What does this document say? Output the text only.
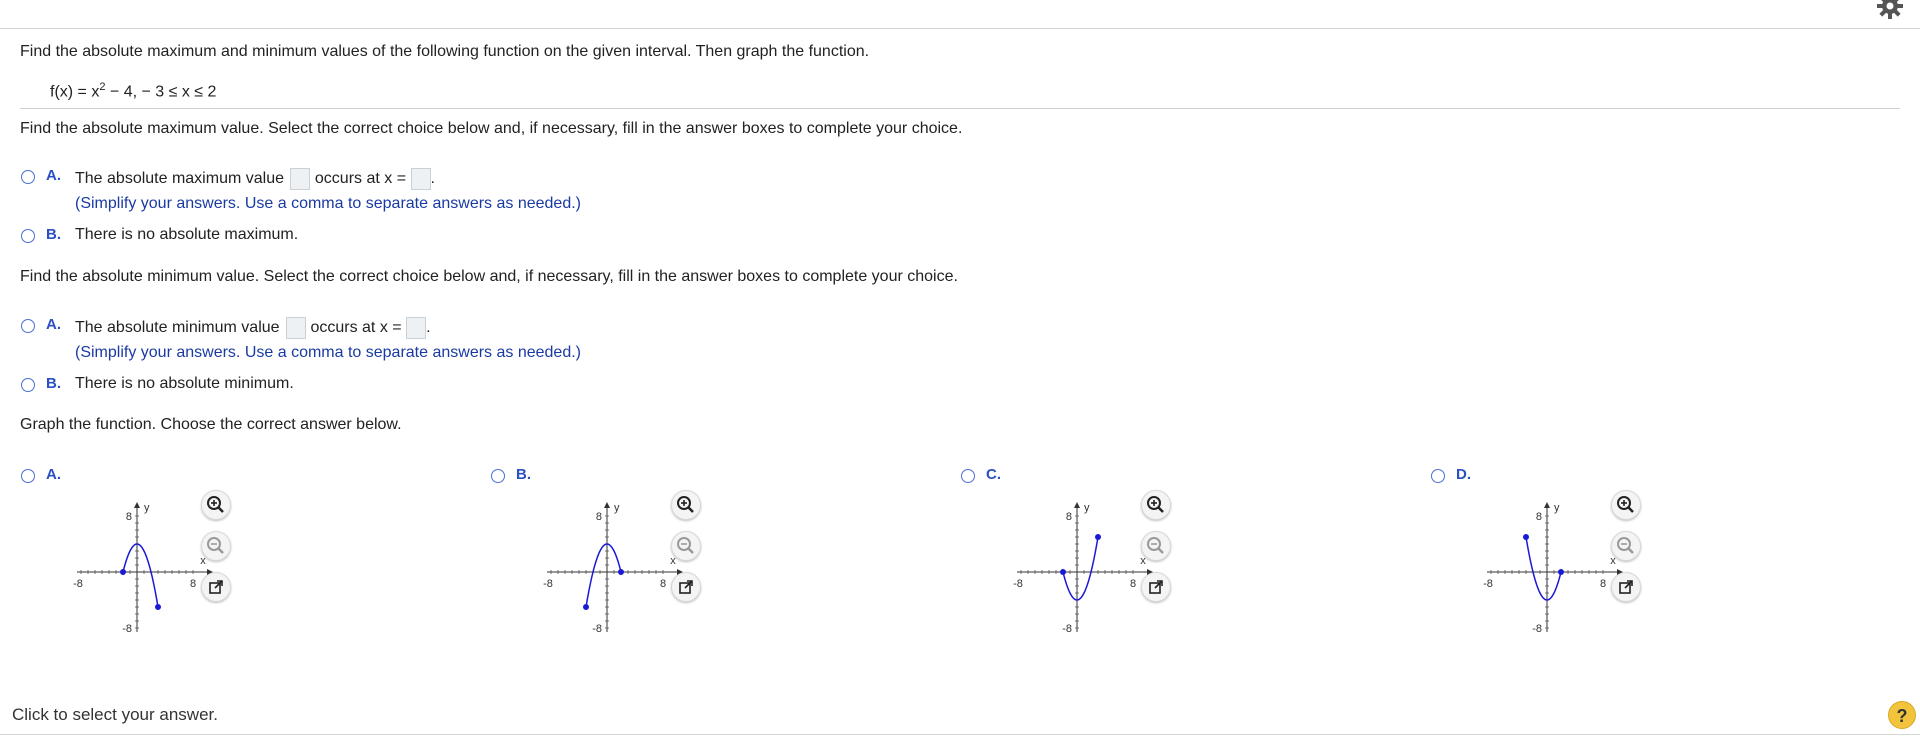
Find the absolute maximum and minimum values of the following function on the given interval. Then graph the function.
$f(x) = x^2 - 4$, − 3 ≤ x ≤ 2
Find the absolute maximum value. Select the correct choice below and, if necessary, fill in the answer boxes to complete your choice.
A. The absolute maximum value occurs at x = .
(Simplify your answers. Use a comma to separate answers as needed.)
B. There is no absolute maximum.
Find the absolute minimum value. Select the correct choice below and, if necessary, fill in the answer boxes to complete your choice.
A. The absolute minimum value occurs at x = .
(Simplify your answers. Use a comma to separate answers as needed.)
B. There is no absolute minimum.
Graph the function. Choose the correct answer below.
A.
-8	8
8
-8
x
y
B.
-8	8
8
-8
x
y
C.
-8	8
8
-8
x
y
D.
-8	8
8
-8
x
y
Click to select your answer.	?
